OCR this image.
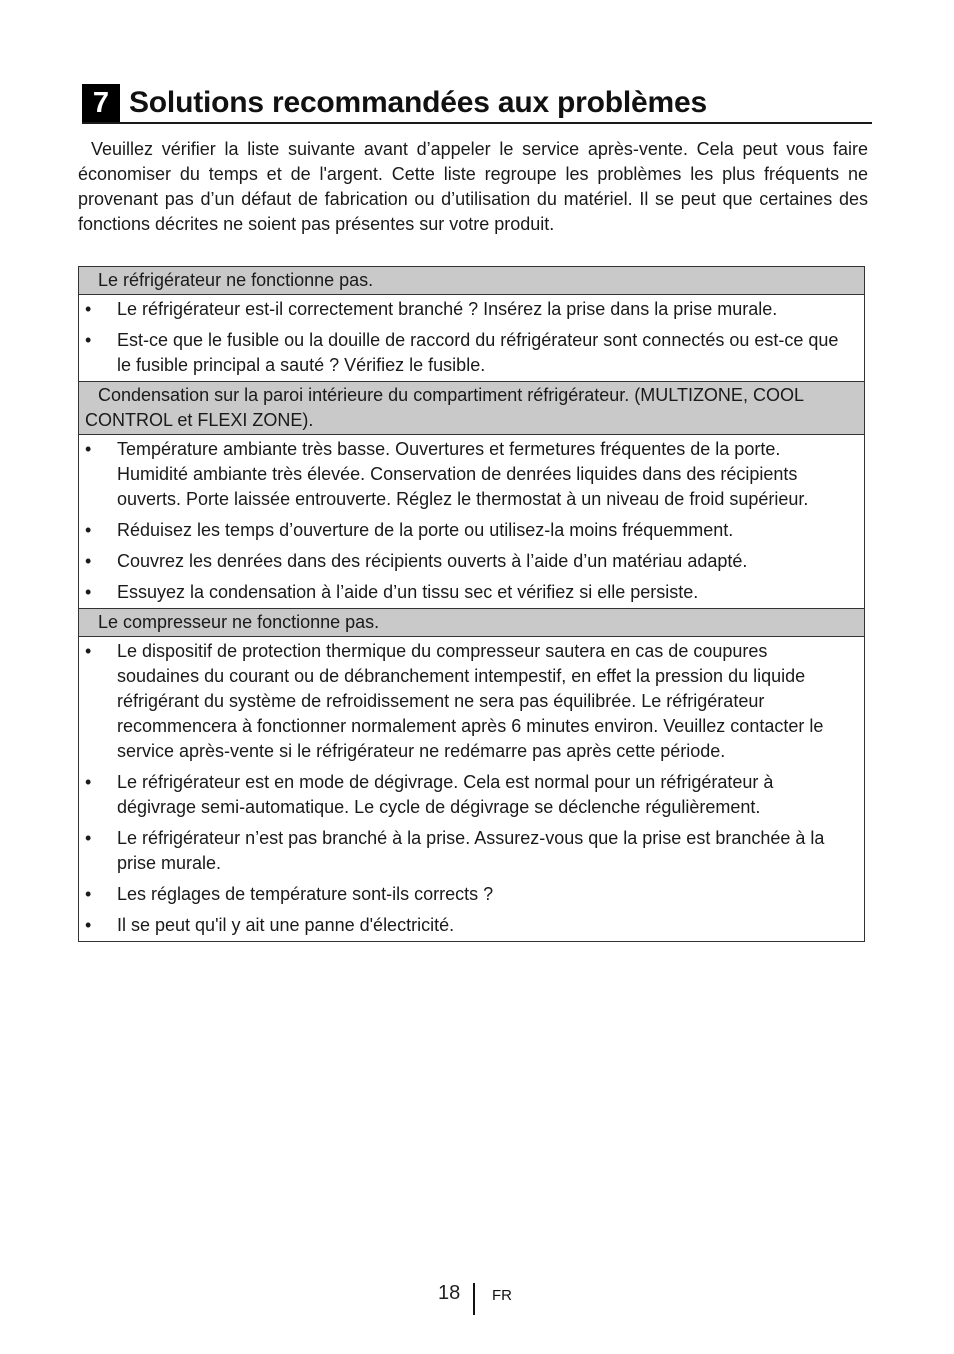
7 Solutions recommandées aux problèmes

Veuillez vérifier la liste suivante avant d’appeler le service après-vente. Cela peut vous faire économiser du temps et de l'argent. Cette liste regroupe les problèmes les plus fréquents ne provenant pas d’un défaut de fabrication ou d’utilisation du matériel. Il se peut que certaines des fonctions décrites ne soient pas présentes sur votre produit.

Le réfrigérateur ne fonctionne pas.
•	Le réfrigérateur est-il correctement branché ? Insérez la prise dans la prise murale.
•	Est-ce que le fusible ou la douille de raccord du réfrigérateur sont connectés ou est-ce que le fusible principal a sauté ? Vérifiez le fusible.
Condensation sur la paroi intérieure du compartiment réfrigérateur. (MULTIZONE, COOL CONTROL et FLEXI ZONE).
•	Température ambiante très basse. Ouvertures et fermetures fréquentes de la porte. Humidité ambiante très élevée. Conservation de denrées liquides dans des récipients ouverts. Porte laissée entrouverte. Réglez le thermostat à un niveau de froid supérieur.
•	Réduisez les temps d’ouverture de la porte ou utilisez-la moins fréquemment.
•	Couvrez les denrées dans des récipients ouverts à l’aide d’un matériau adapté.
•	Essuyez la condensation à l’aide d’un tissu sec et vérifiez si elle persiste.
Le compresseur ne fonctionne pas.
•	Le dispositif de protection thermique du compresseur sautera en cas de coupures soudaines du courant ou de débranchement intempestif, en effet la pression du liquide réfrigérant du système de refroidissement ne sera pas équilibrée. Le réfrigérateur recommencera à fonctionner normalement après 6 minutes environ. Veuillez contacter le service après-vente si le réfrigérateur ne redémarre pas après cette période.
•	Le réfrigérateur est en mode de dégivrage. Cela est normal pour un réfrigérateur à dégivrage semi-automatique. Le cycle de dégivrage se déclenche régulièrement.
•	Le réfrigérateur n’est pas branché à la prise. Assurez-vous que la prise est branchée à la prise murale.
•	Les réglages de température sont-ils corrects ?
•	Il se peut qu'il y ait une panne d'électricité.
18 FR
